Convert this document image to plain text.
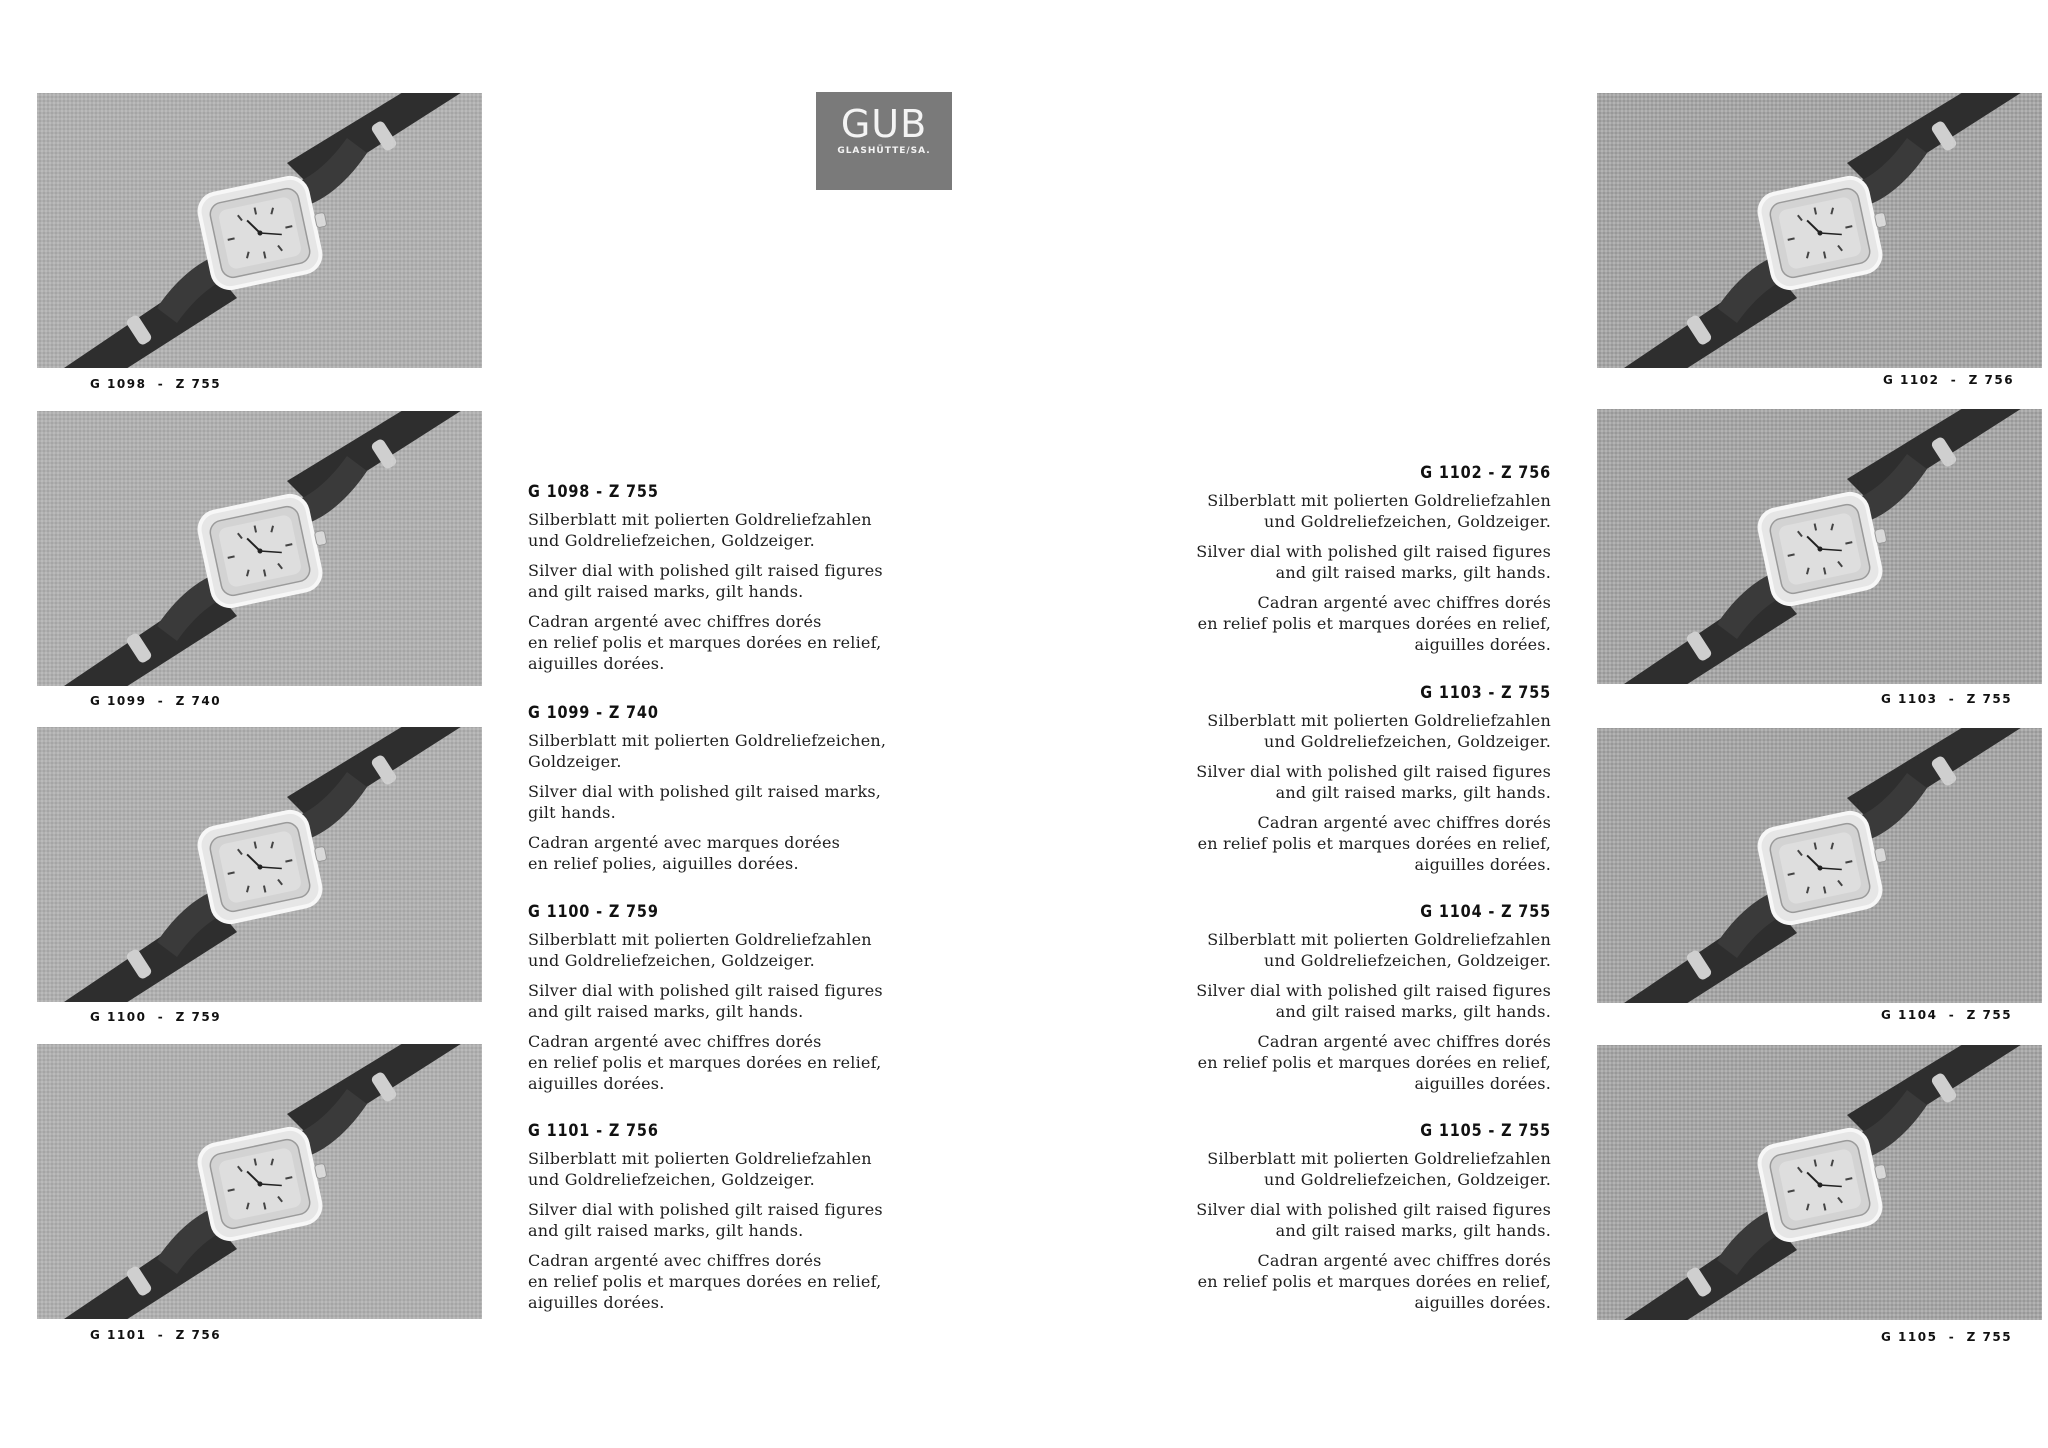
G 1098  -  Z 755
G 1099  -  Z 740
G 1100  -  Z 759
G 1101  -  Z 756
G 1102  -  Z 756
G 1103  -  Z 755
G 1104  -  Z 755
G 1105  -  Z 755
GUB
GLASHÜTTE/SA.
G 1098 - Z 755

Silberblatt mit polierten Goldreliefzahlen
und Goldreliefzeichen, Goldzeiger.

Silver dial with polished gilt raised figures
and gilt raised marks, gilt hands.

Cadran argenté avec chiffres dorés
en relief polis et marques dorées en relief,
aiguilles dorées.

G 1099 - Z 740

Silberblatt mit polierten Goldreliefzeichen,
Goldzeiger.

Silver dial with polished gilt raised marks,
gilt hands.

Cadran argenté avec marques dorées
en relief polies, aiguilles dorées.

G 1100 - Z 759

Silberblatt mit polierten Goldreliefzahlen
und Goldreliefzeichen, Goldzeiger.

Silver dial with polished gilt raised figures
and gilt raised marks, gilt hands.

Cadran argenté avec chiffres dorés
en relief polis et marques dorées en relief,
aiguilles dorées.

G 1101 - Z 756

Silberblatt mit polierten Goldreliefzahlen
und Goldreliefzeichen, Goldzeiger.

Silver dial with polished gilt raised figures
and gilt raised marks, gilt hands.

Cadran argenté avec chiffres dorés
en relief polis et marques dorées en relief,
aiguilles dorées.

G 1102 - Z 756

Silberblatt mit polierten Goldreliefzahlen
und Goldreliefzeichen, Goldzeiger.

Silver dial with polished gilt raised figures
and gilt raised marks, gilt hands.

Cadran argenté avec chiffres dorés
en relief polis et marques dorées en relief,
aiguilles dorées.

G 1103 - Z 755

Silberblatt mit polierten Goldreliefzahlen
und Goldreliefzeichen, Goldzeiger.

Silver dial with polished gilt raised figures
and gilt raised marks, gilt hands.

Cadran argenté avec chiffres dorés
en relief polis et marques dorées en relief,
aiguilles dorées.

G 1104 - Z 755

Silberblatt mit polierten Goldreliefzahlen
und Goldreliefzeichen, Goldzeiger.

Silver dial with polished gilt raised figures
and gilt raised marks, gilt hands.

Cadran argenté avec chiffres dorés
en relief polis et marques dorées en relief,
aiguilles dorées.

G 1105 - Z 755

Silberblatt mit polierten Goldreliefzahlen
und Goldreliefzeichen, Goldzeiger.

Silver dial with polished gilt raised figures
and gilt raised marks, gilt hands.

Cadran argenté avec chiffres dorés
en relief polis et marques dorées en relief,
aiguilles dorées.
